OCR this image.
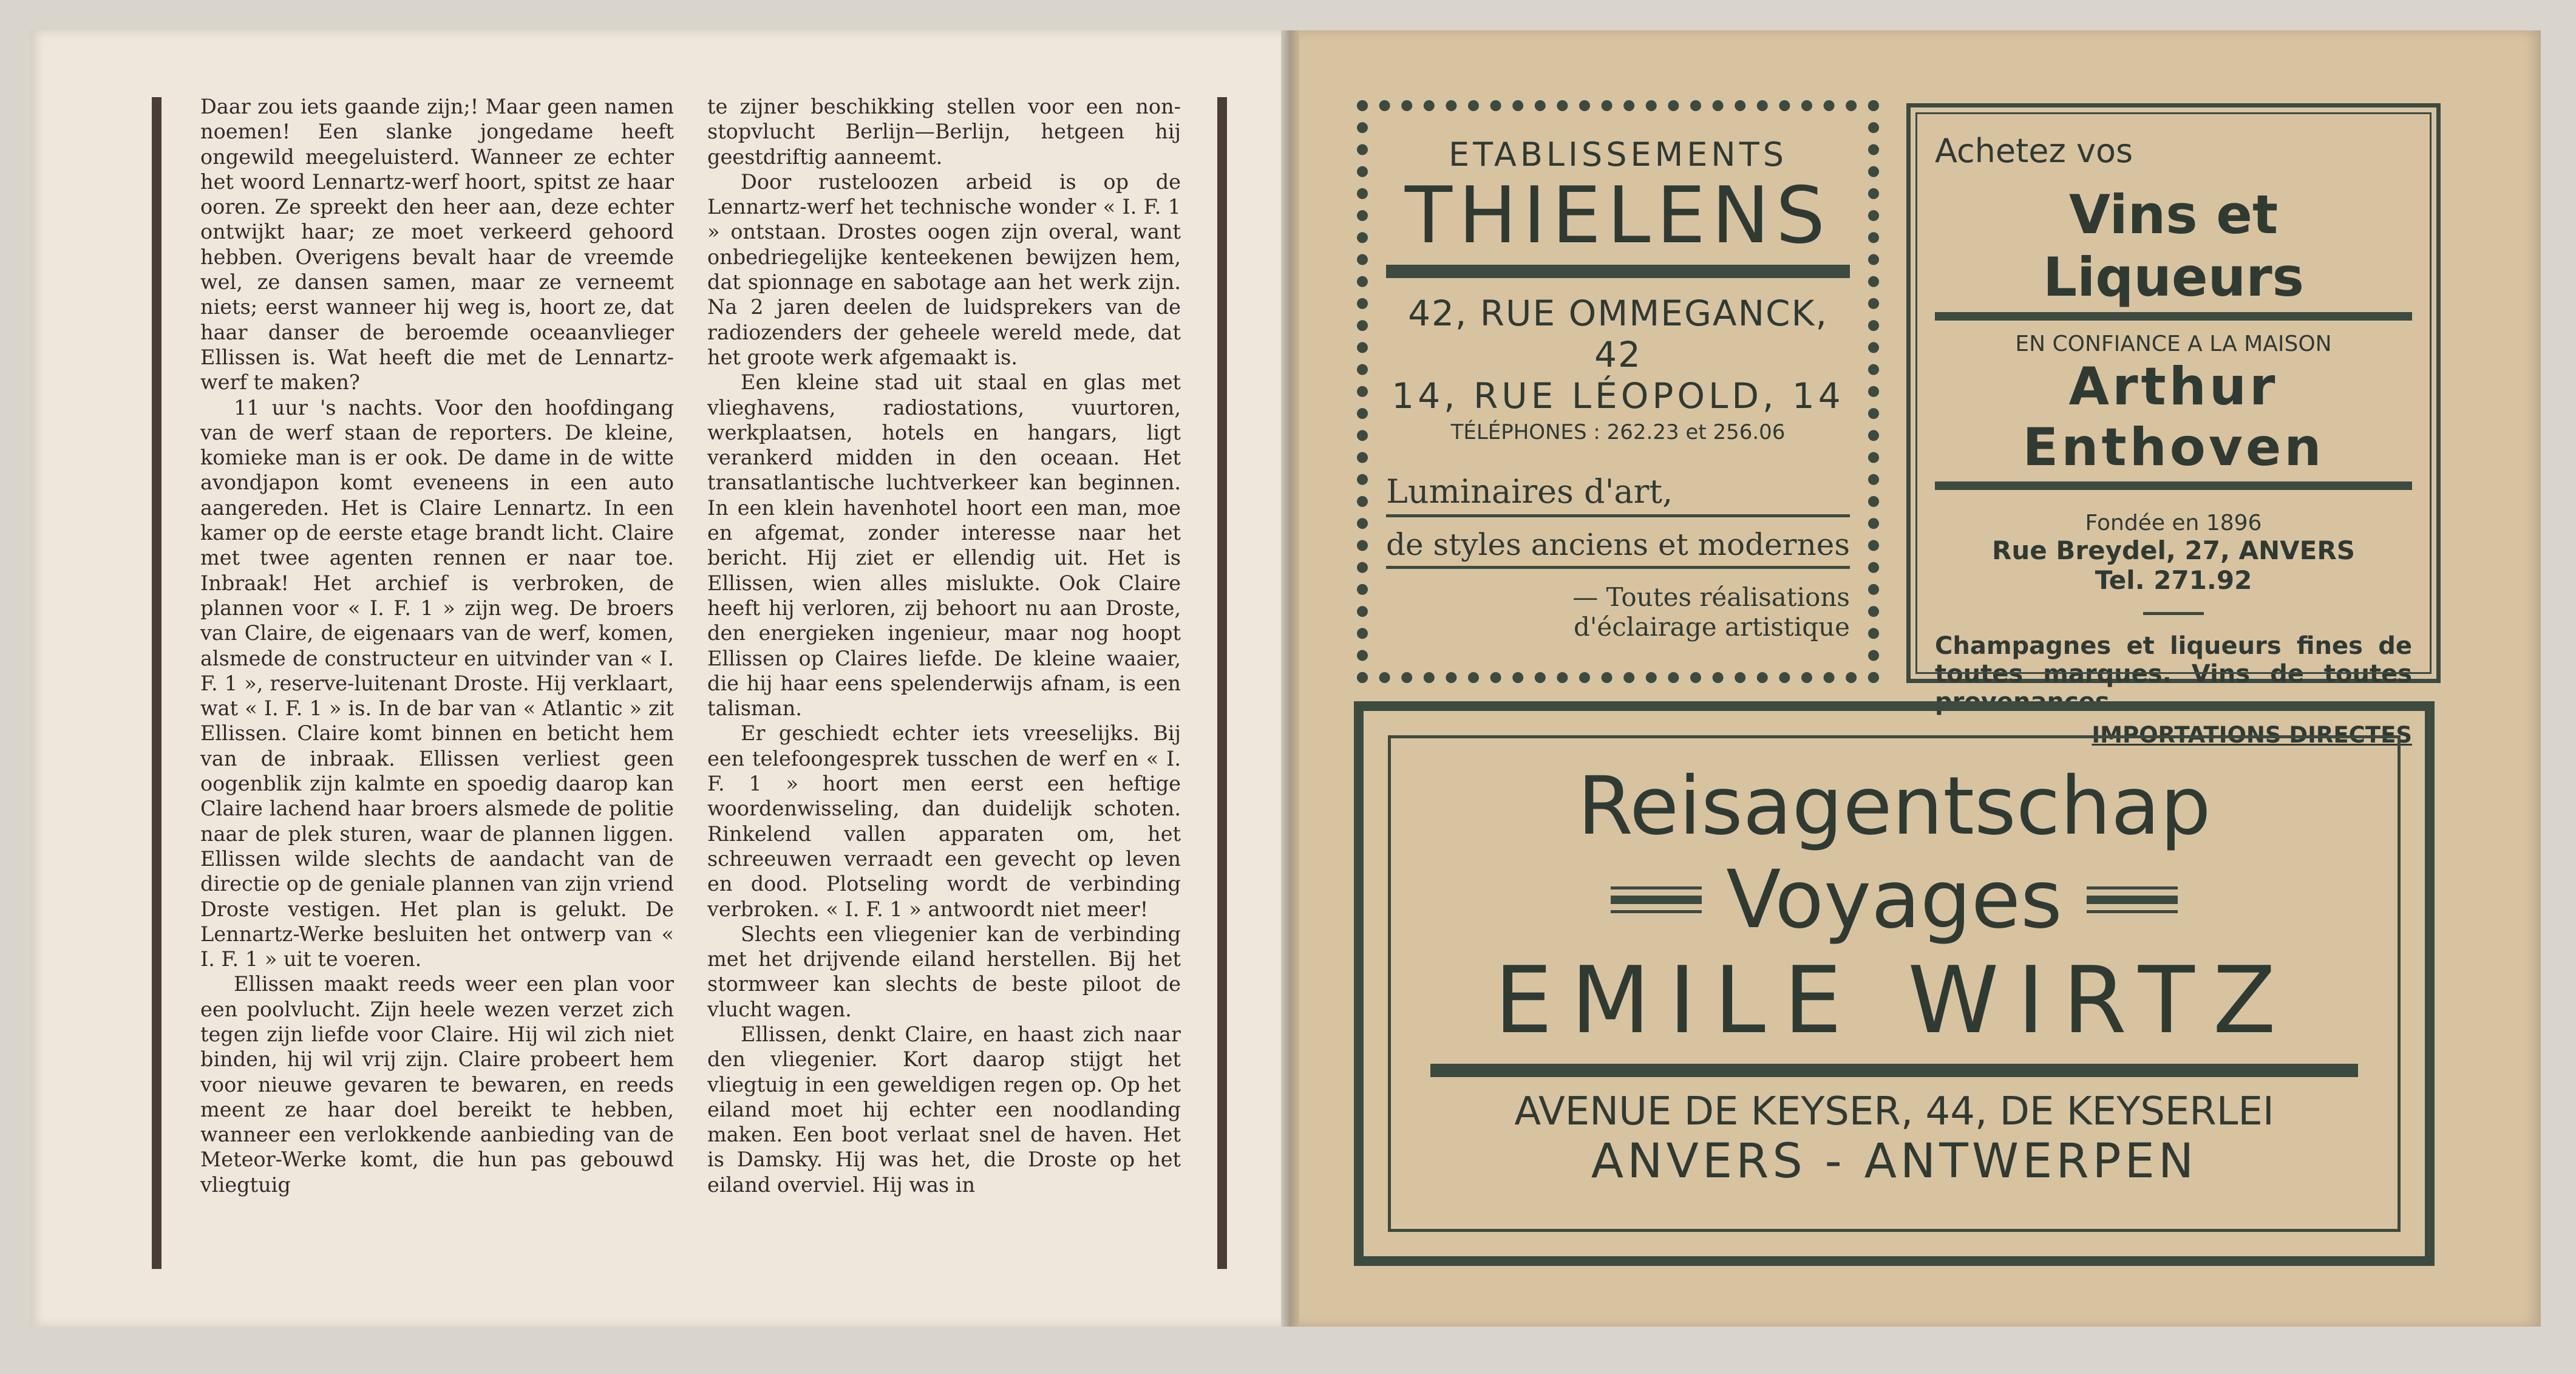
Daar zou iets gaande zijn;! Maar geen namen noemen! Een slanke jongedame heeft ongewild meegeluisterd. Wanneer ze echter het woord Lennartz-werf hoort, spitst ze haar ooren. Ze spreekt den heer aan, deze echter ontwijkt haar; ze moet verkeerd gehoord hebben. Overigens bevalt haar de vreemde wel, ze dansen samen, maar ze verneemt niets; eerst wanneer hij weg is, hoort ze, dat haar danser de beroemde oceaanvlieger Ellissen is. Wat heeft die met de Lennartz-werf te maken?

11 uur 's nachts. Voor den hoofdingang van de werf staan de reporters. De kleine, komieke man is er ook. De dame in de witte avondjapon komt eveneens in een auto aangereden. Het is Claire Lennartz. In een kamer op de eerste etage brandt licht. Claire met twee agenten rennen er naar toe. Inbraak! Het archief is verbroken, de plannen voor « I. F. 1 » zijn weg. De broers van Claire, de eigenaars van de werf, komen, alsmede de constructeur en uitvinder van « I. F. 1 », reserve-luitenant Droste. Hij verklaart, wat « I. F. 1 » is. In de bar van « Atlantic » zit Ellissen. Claire komt binnen en beticht hem van de inbraak. Ellissen verliest geen oogenblik zijn kalmte en spoedig daarop kan Claire lachend haar broers alsmede de politie naar de plek sturen, waar de plannen liggen. Ellissen wilde slechts de aandacht van de directie op de geniale plannen van zijn vriend Droste vestigen. Het plan is gelukt. De Lennartz-Werke besluiten het ontwerp van « I. F. 1 » uit te voeren.

Ellissen maakt reeds weer een plan voor een poolvlucht. Zijn heele wezen verzet zich tegen zijn liefde voor Claire. Hij wil zich niet binden, hij wil vrij zijn. Claire probeert hem voor nieuwe gevaren te bewaren, en reeds meent ze haar doel bereikt te hebben, wanneer een verlokkende aanbieding van de Meteor-Werke komt, die hun pas gebouwd vliegtuig

te zijner beschikking stellen voor een non-stopvlucht Berlijn—Berlijn, hetgeen hij geestdriftig aanneemt.

Door rusteloozen arbeid is op de Lennartz-werf het technische wonder « I. F. 1 » ontstaan. Drostes oogen zijn overal, want onbedriegelijke kenteekenen bewijzen hem, dat spionnage en sabotage aan het werk zijn. Na 2 jaren deelen de luidsprekers van de radiozenders der geheele wereld mede, dat het groote werk afgemaakt is.

Een kleine stad uit staal en glas met vlieghavens, radiostations, vuurtoren, werkplaatsen, hotels en hangars, ligt verankerd midden in den oceaan. Het transatlantische luchtverkeer kan beginnen. In een klein havenhotel hoort een man, moe en afgemat, zonder interesse naar het bericht. Hij ziet er ellendig uit. Het is Ellissen, wien alles mislukte. Ook Claire heeft hij verloren, zij behoort nu aan Droste, den energieken ingenieur, maar nog hoopt Ellissen op Claires liefde. De kleine waaier, die hij haar eens spelenderwijs afnam, is een talisman.

Er geschiedt echter iets vreeselijks. Bij een telefoongesprek tusschen de werf en « I. F. 1 » hoort men eerst een heftige woordenwisseling, dan duidelijk schoten. Rinkelend vallen apparaten om, het schreeuwen verraadt een gevecht op leven en dood. Plotseling wordt de verbinding verbroken. « I. F. 1 » antwoordt niet meer!

Slechts een vliegenier kan de verbinding met het drijvende eiland herstellen. Bij het stormweer kan slechts de beste piloot de vlucht wagen.

Ellissen, denkt Claire, en haast zich naar den vliegenier. Kort daarop stijgt het vliegtuig in een geweldigen regen op. Op het eiland moet hij echter een noodlanding maken. Een boot verlaat snel de haven. Het is Damsky. Hij was het, die Droste op het eiland overviel. Hij was in

ETABLISSEMENTS
THIELENS
42, RUE OMMEGANCK, 42
14, RUE LÉOPOLD, 14
TÉLÉPHONES : 262.23 et 256.06
Luminaires d'art,
de styles anciens et modernes
— Toutes réalisations
d'éclairage artistique
Achetez vos
Vins et Liqueurs
EN CONFIANCE A LA MAISON
Arthur Enthoven
Fondée en 1896
Rue Breydel, 27, ANVERS
Tel. 271.92
Champagnes et liqueurs fines de toutes marques. Vins de toutes provenances.
IMPORTATIONS DIRECTES
Reisagentschap
Voyages
EMILE WIRTZ
AVENUE DE KEYSER, 44, DE KEYSERLEI
ANVERS - ANTWERPEN
